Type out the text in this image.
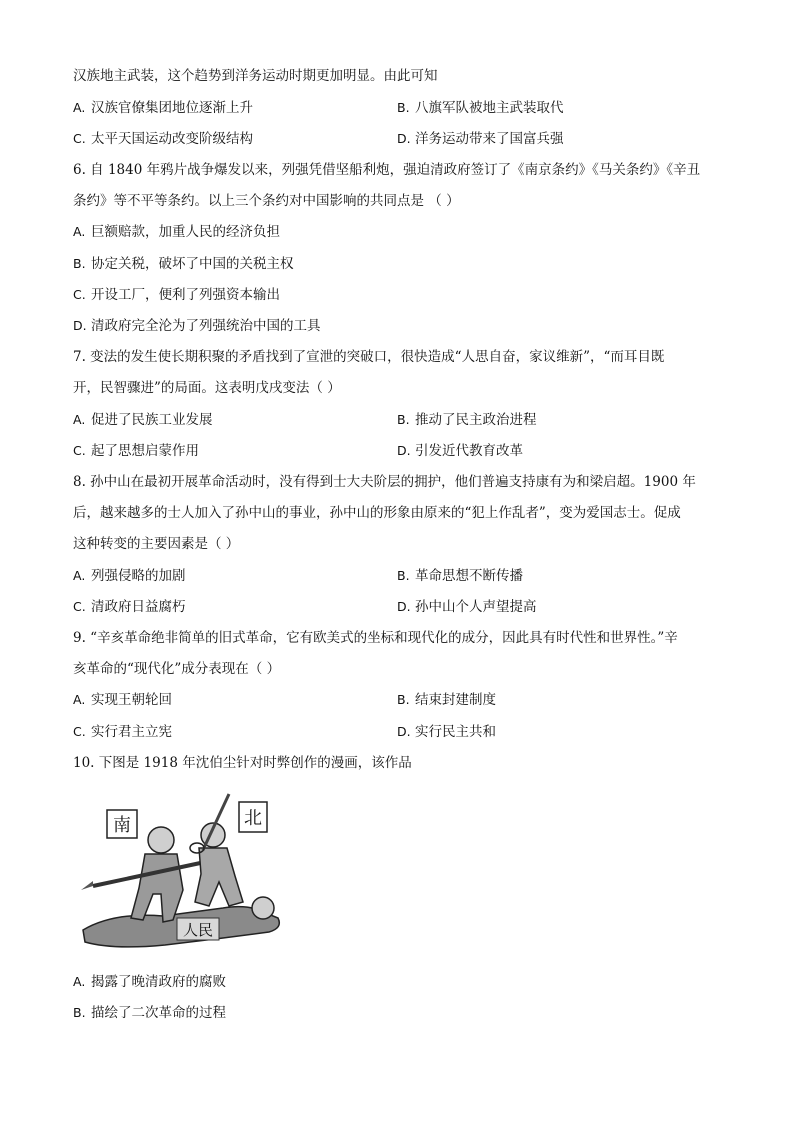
汉族地主武装，这个趋势到洋务运动时期更加明显。由此可知
A. 汉族官僚集团地位逐渐上升	B. 八旗军队被地主武装取代
C. 太平天国运动改变阶级结构	D. 洋务运动带来了国富兵强
6. 自 1840 年鸦片战争爆发以来，列强凭借坚船利炮，强迫清政府签订了《南京条约》《马关条约》《辛丑
条约》等不平等条约。以上三个条约对中国影响的共同点是 （ ）
A. 巨额赔款，加重人民的经济负担
B. 协定关税，破坏了中国的关税主权
C. 开设工厂，便利了列强资本输出
D. 清政府完全沦为了列强统治中国的工具
7. 变法的发生使长期积聚的矛盾找到了宣泄的突破口，很快造成“人思自奋，家议维新”，“而耳目既
开，民智骤进”的局面。这表明戊戌变法（ ）
A. 促进了民族工业发展	B. 推动了民主政治进程
C. 起了思想启蒙作用	D. 引发近代教育改革
8. 孙中山在最初开展革命活动时，没有得到士大夫阶层的拥护，他们普遍支持康有为和梁启超。1900 年
后，越来越多的士人加入了孙中山的事业，孙中山的形象由原来的“犯上作乱者”，变为爱国志士。促成
这种转变的主要因素是（ ）
A. 列强侵略的加剧	B. 革命思想不断传播
C. 清政府日益腐朽	D. 孙中山个人声望提高
9. “辛亥革命绝非简单的旧式革命，它有欧美式的坐标和现代化的成分，因此具有时代性和世界性。”辛
亥革命的“现代化”成分表现在（ ）
A. 实现王朝轮回	B. 结束封建制度
C. 实行君主立宪	D. 实行民主共和
10. 下图是 1918 年沈伯尘针对时弊创作的漫画，该作品
南	北
人民
A. 揭露了晚清政府的腐败
B. 描绘了二次革命的过程
